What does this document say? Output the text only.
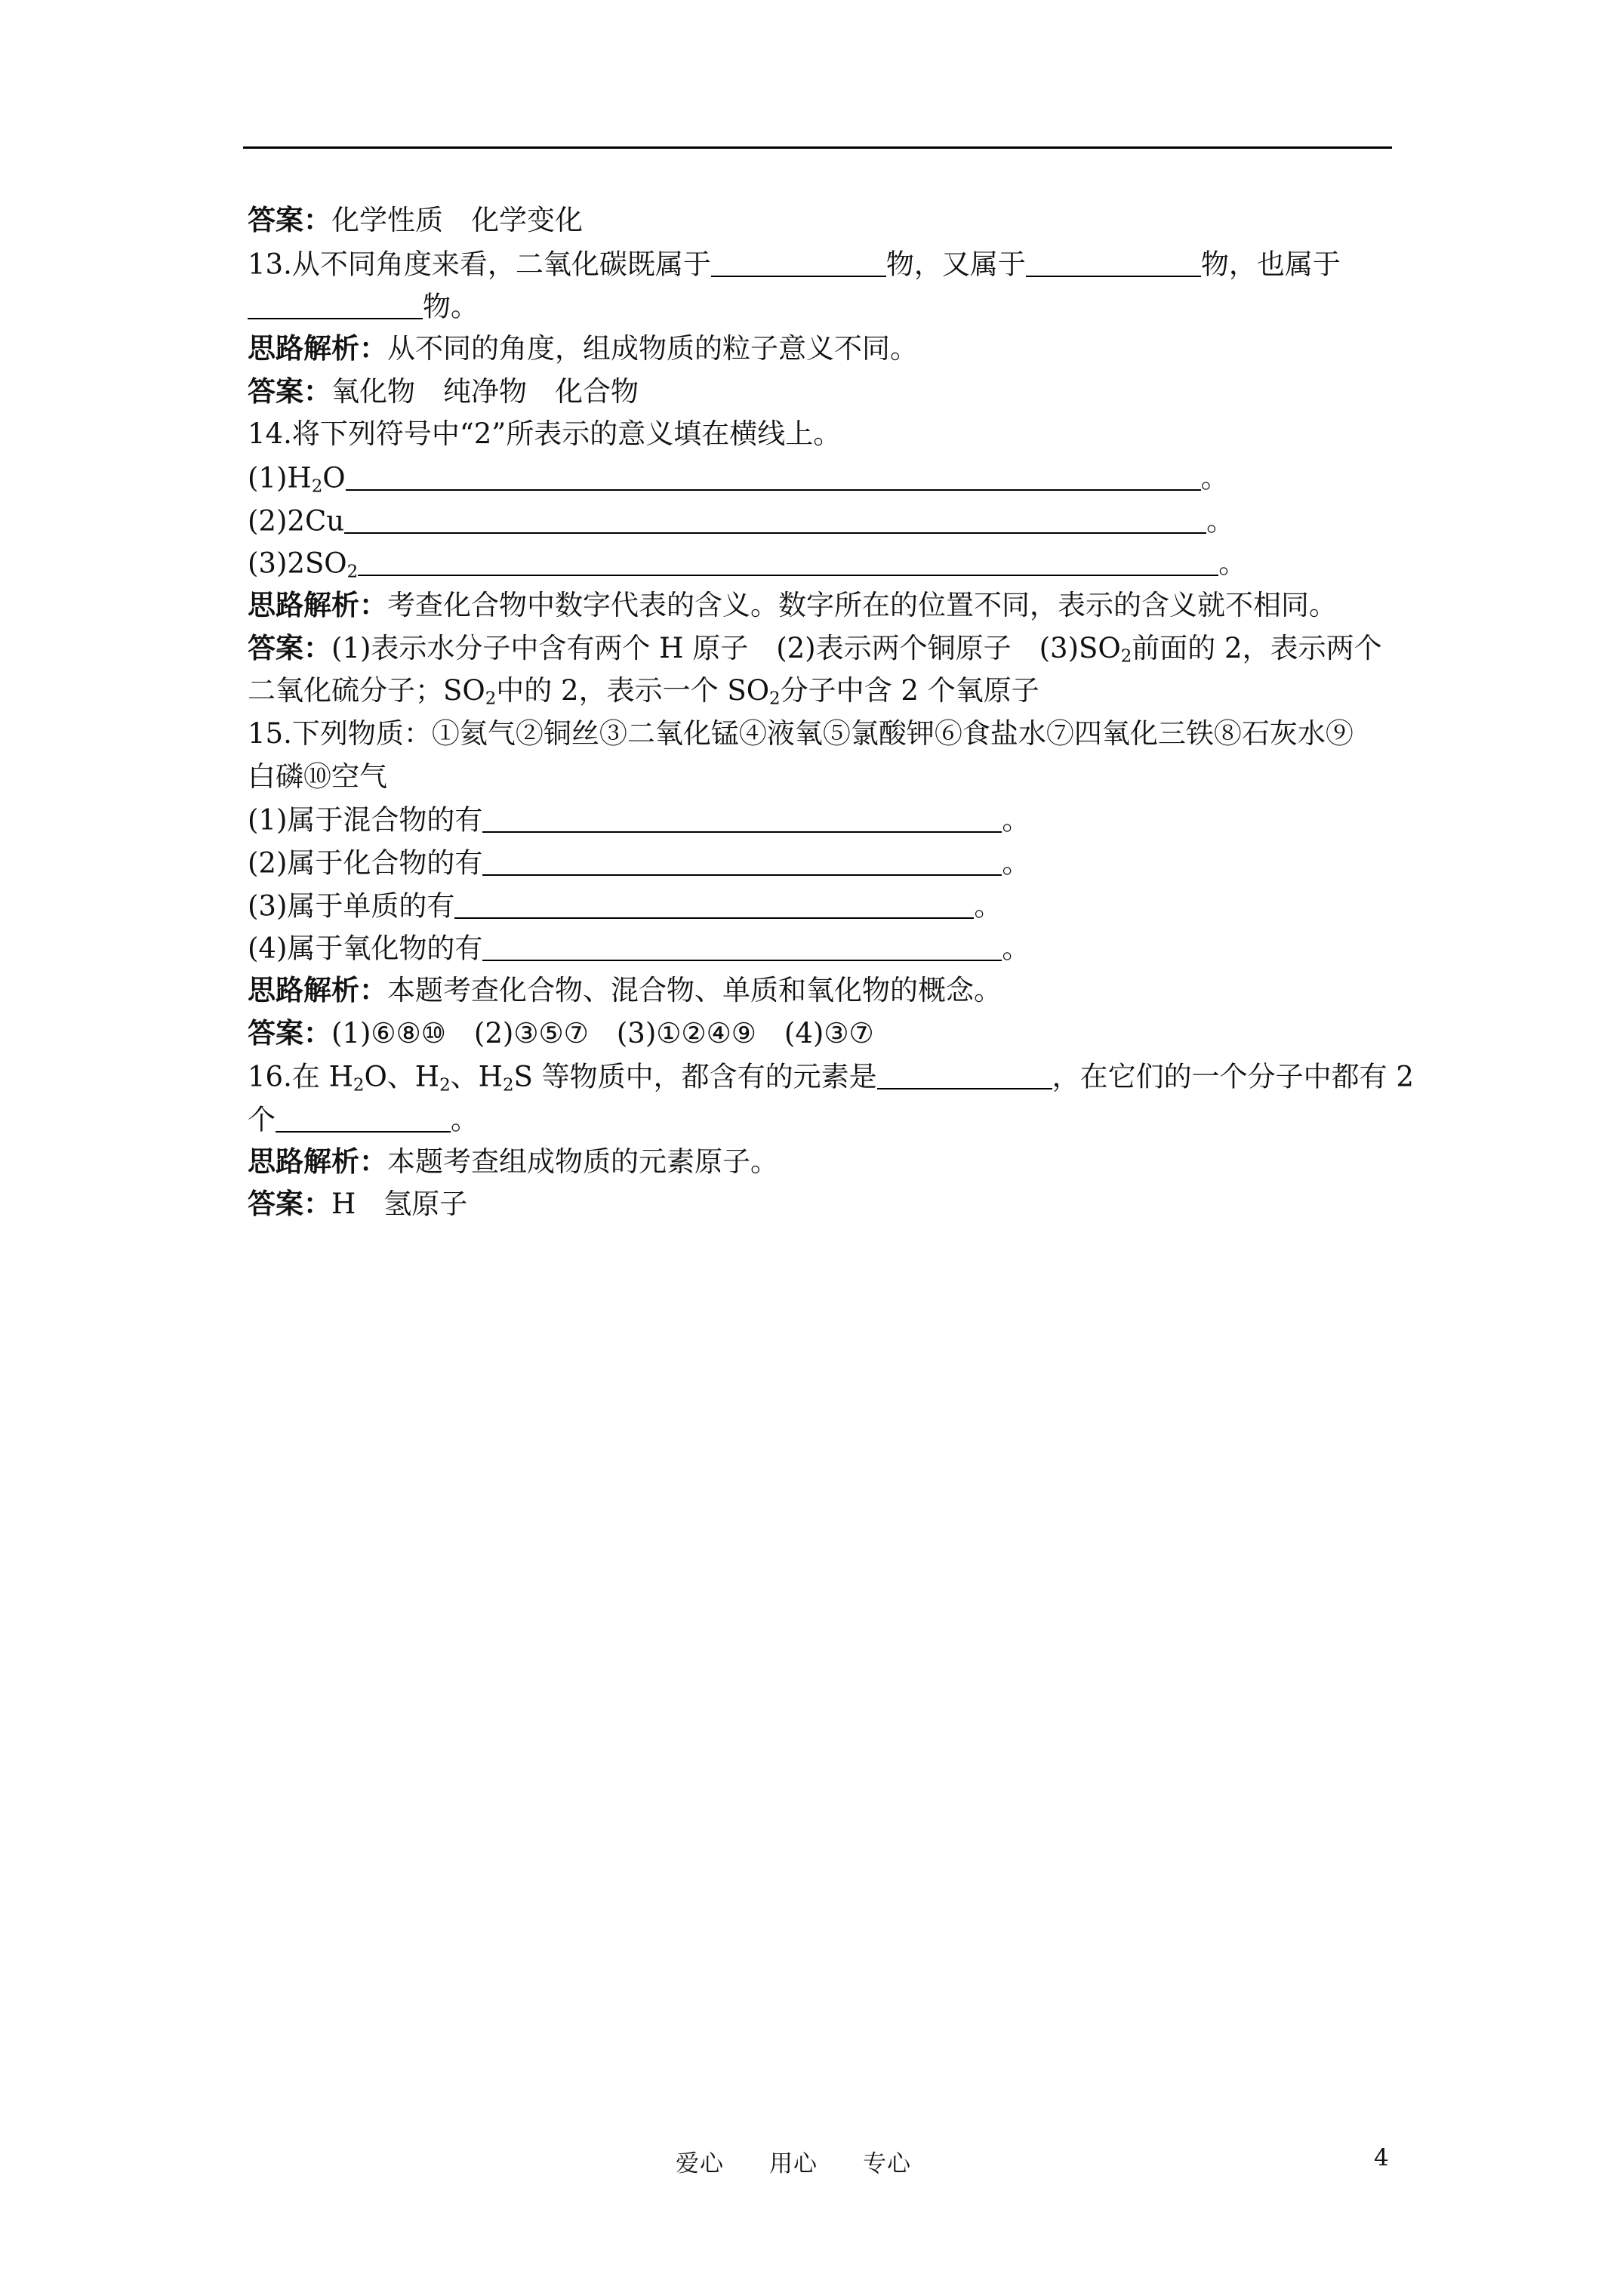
答案：化学性质　化学变化
13.从不同角度来看，二氧化碳既属于	物，又属于	物，也属于
物。
思路解析：从不同的角度，组成物质的粒子意义不同。
答案：氧化物　纯净物　化合物
14.将下列符号中“2”所表示的意义填在横线上。
$(1)H_2O$	。
(2)2Cu	。
$(3)2SO_2$	。
思路解析：考查化合物中数字代表的含义。数字所在的位置不同，表示的含义就不相同。
答案：(1)表示水分子中含有两个 H 原子　(2)表示两个铜原子　$(3)SO_2$前面的 2，表示两个
二氧化硫分子；$SO_2$中的 2，表示一个 $SO_2$分子中含 2 个氧原子
15.下列物质：①氦气②铜丝③二氧化锰④液氧⑤氯酸钾⑥食盐水⑦四氧化三铁⑧石灰水⑨
白磷⑩空气
(1)属于混合物的有	。
(2)属于化合物的有	。
(3)属于单质的有	。
(4)属于氧化物的有	。
思路解析：本题考查化合物、混合物、单质和氧化物的概念。
答案：(1)⑥⑧⑩　(2)③⑤⑦　(3)①②④⑨　(4)③⑦
16.在 $H_2O$、$H_2$、$H_2S$ 等物质中，都含有的元素是	，在它们的一个分子中都有 2
个	。
思路解析：本题考查组成物质的元素原子。
答案：H　氢原子
爱心 用心 专心	4
